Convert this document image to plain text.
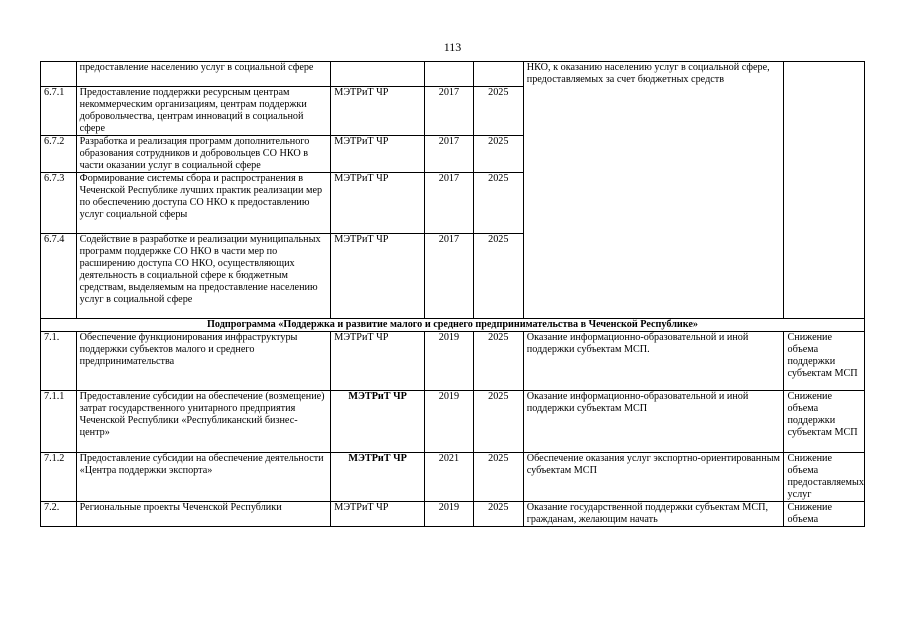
113
	предоставление населению услуг в социальной сфере				НКО, к оказанию населению услуг в социальной сфере, предоставляемых за счет бюджетных средств	
6.7.1	Предоставление поддержки ресурсным центрам некоммерческим организациям, центрам поддержки добровольчества, центрам инноваций в социальной сфере	МЭТРиТ ЧР	2017	2025		
6.7.2	Разработка и реализация программ дополнительного образования сотрудников и добровольцев СО НКО в части оказании услуг в социальной сфере	МЭТРиТ ЧР	2017	2025		
6.7.3	Формирование системы сбора и распространения в Чеченской Республике лучших практик реализации мер по обеспечению доступа СО НКО к предоставлению услуг социальной сферы	МЭТРиТ ЧР	2017	2025		
6.7.4	Содействие в разработке и реализации муниципальных программ поддержке СО НКО в части мер по расширению доступа СО НКО, осуществляющих деятельность в социальной сфере к бюджетным средствам, выделяемым на предоставление населению услуг в социальной сфере	МЭТРиТ ЧР	2017	2025		
Подпрограмма «Поддержка и развитие малого и среднего предпринимательства в Чеченской Республике»						
7.1.	Обеспечение функционирования инфраструктуры поддержки субъектов малого и среднего предпринимательства	МЭТРиТ ЧР	2019	2025	Оказание информационно-образовательной и иной поддержки субъектам МСП.	Снижение объема поддержки субъектам МСП
7.1.1	Предоставление субсидии на обеспечение (возмещение) затрат государственного унитарного предприятия Чеченской Республики «Республиканский бизнес-центр»	МЭТРиТ ЧР	2019	2025	Оказание информационно-образовательной и иной поддержки субъектам МСП	Снижение объема поддержки субъектам МСП
7.1.2	Предоставление субсидии на обеспечение деятельности «Центра поддержки экспорта»	МЭТРиТ ЧР	2021	2025	Обеспечение оказания услуг экспортно-ориентированным субъектам МСП	Снижение объема предоставляемых услуг
7.2.	Региональные проекты Чеченской Республики	МЭТРиТ ЧР	2019	2025	Оказание государственной поддержки субъектам МСП, гражданам, желающим начать	Снижение объема
